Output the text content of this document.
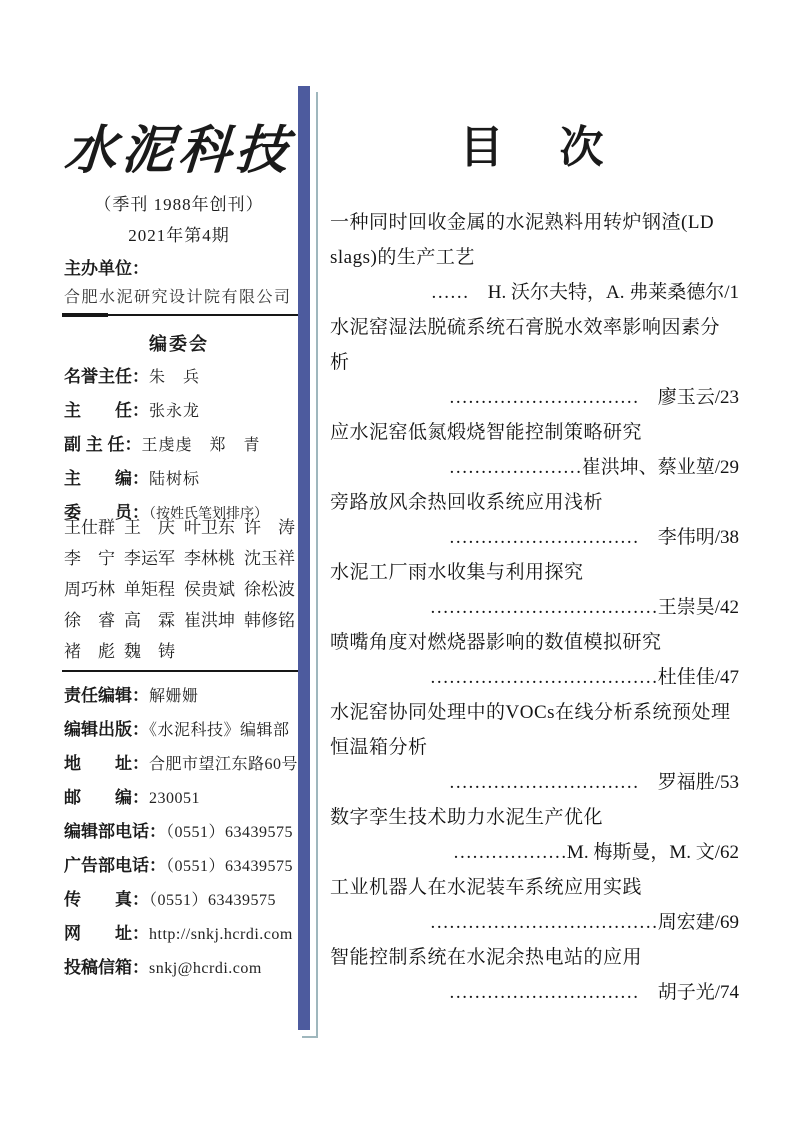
水泥科技
（季刊 1988年创刊）
2021年第4期
主办单位：
合肥水泥研究设计院有限公司
编委会
名誉主任：朱　兵
主　　任：张永龙
副 主 任：王虔虔　郑　青
主　　编：陆树标
委　　员：（按姓氏笔划排序）
王仕群 王　庆 叶卫东 许　涛
李　宁 李运军 李林桃 沈玉祥
周巧林 单矩程 侯贵斌 徐松波
徐　睿 高　霖 崔洪坤 韩修铭
褚　彪 魏　铸
责任编辑：解姗姗
编辑出版：《水泥科技》编辑部
地　　址：合肥市望江东路60号
邮　　编：230051
编辑部电话：（0551）63439575
广告部电话：（0551）63439575
传　　真：（0551）63439575
网　　址：http://snkj.hcrdi.com
投稿信箱：snkj@hcrdi.com
目　次
一种同时回收金属的水泥熟料用转炉钢渣(LD slags)的生产工艺
……　H. 沃尔夫特，A. 弗莱桑德尔/1
水泥窑湿法脱硫系统石膏脱水效率影响因素分析
…………………………　廖玉云/23
应水泥窑低氮煅烧智能控制策略研究
…………………崔洪坤、蔡业堃/29
旁路放风余热回收系统应用浅析
…………………………　李伟明/38
水泥工厂雨水收集与利用探究
………………………………王崇昊/42
喷嘴角度对燃烧器影响的数值模拟研究
………………………………杜佳佳/47
水泥窑协同处理中的VOCs在线分析系统预处理恒温箱分析
…………………………　罗福胜/53
数字孪生技术助力水泥生产优化
………………M. 梅斯曼，M. 文/62
工业机器人在水泥装车系统应用实践
………………………………周宏建/69
智能控制系统在水泥余热电站的应用
…………………………　胡子光/74
